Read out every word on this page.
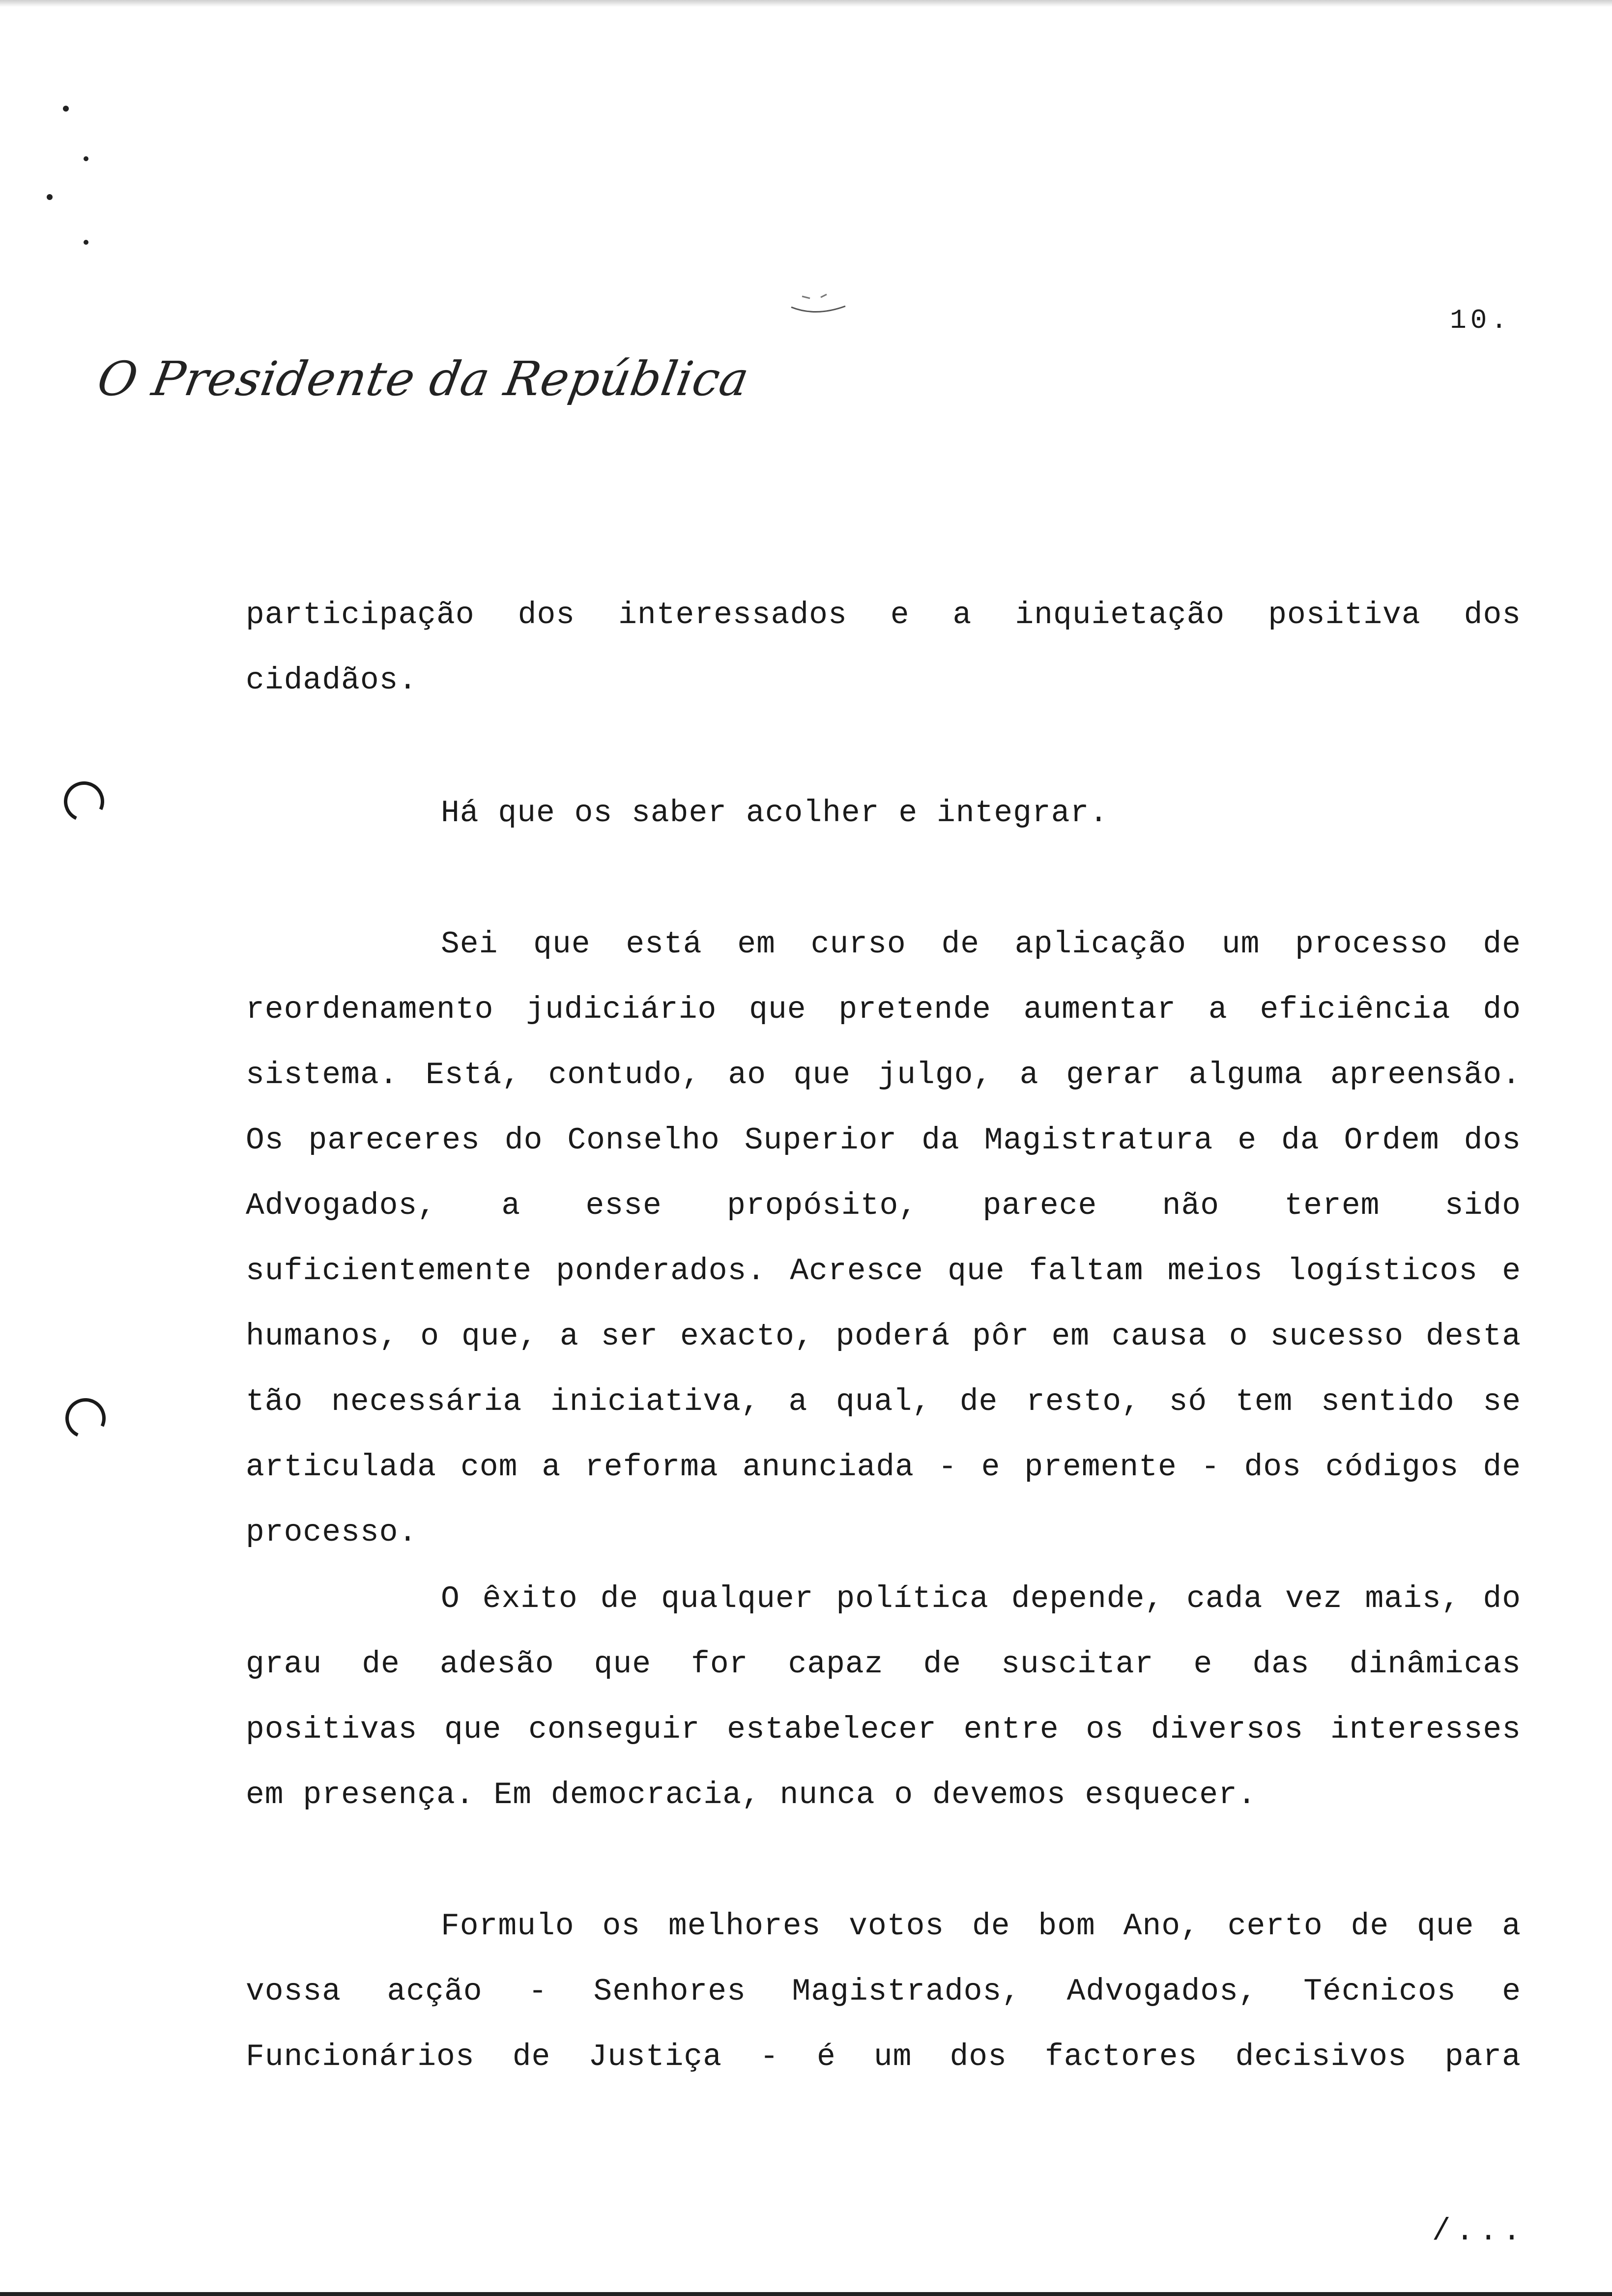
10.
O Presidente da República
participação dos interessados e a inquietação positiva dos
cidadãos.
Há que os saber acolher e integrar.
Sei que está em curso de aplicação um processo de
reordenamento judiciário que pretende aumentar a eficiência do
sistema. Está, contudo, ao que julgo, a gerar alguma apreensão.
Os pareceres do Conselho Superior da Magistratura e da Ordem dos
Advogados, a esse propósito, parece não terem sido
suficientemente ponderados. Acresce que faltam meios logísticos e
humanos, o que, a ser exacto, poderá pôr em causa o sucesso desta
tão necessária iniciativa, a qual, de resto, só tem sentido se
articulada com a reforma anunciada - e premente - dos códigos de
processo.
O êxito de qualquer política depende, cada vez mais, do
grau de adesão que for capaz de suscitar e das dinâmicas
positivas que conseguir estabelecer entre os diversos interesses
em presença. Em democracia, nunca o devemos esquecer.
Formulo os melhores votos de bom Ano, certo de que a
vossa acção - Senhores Magistrados, Advogados, Técnicos e
Funcionários de Justiça - é um dos factores decisivos para
/...
